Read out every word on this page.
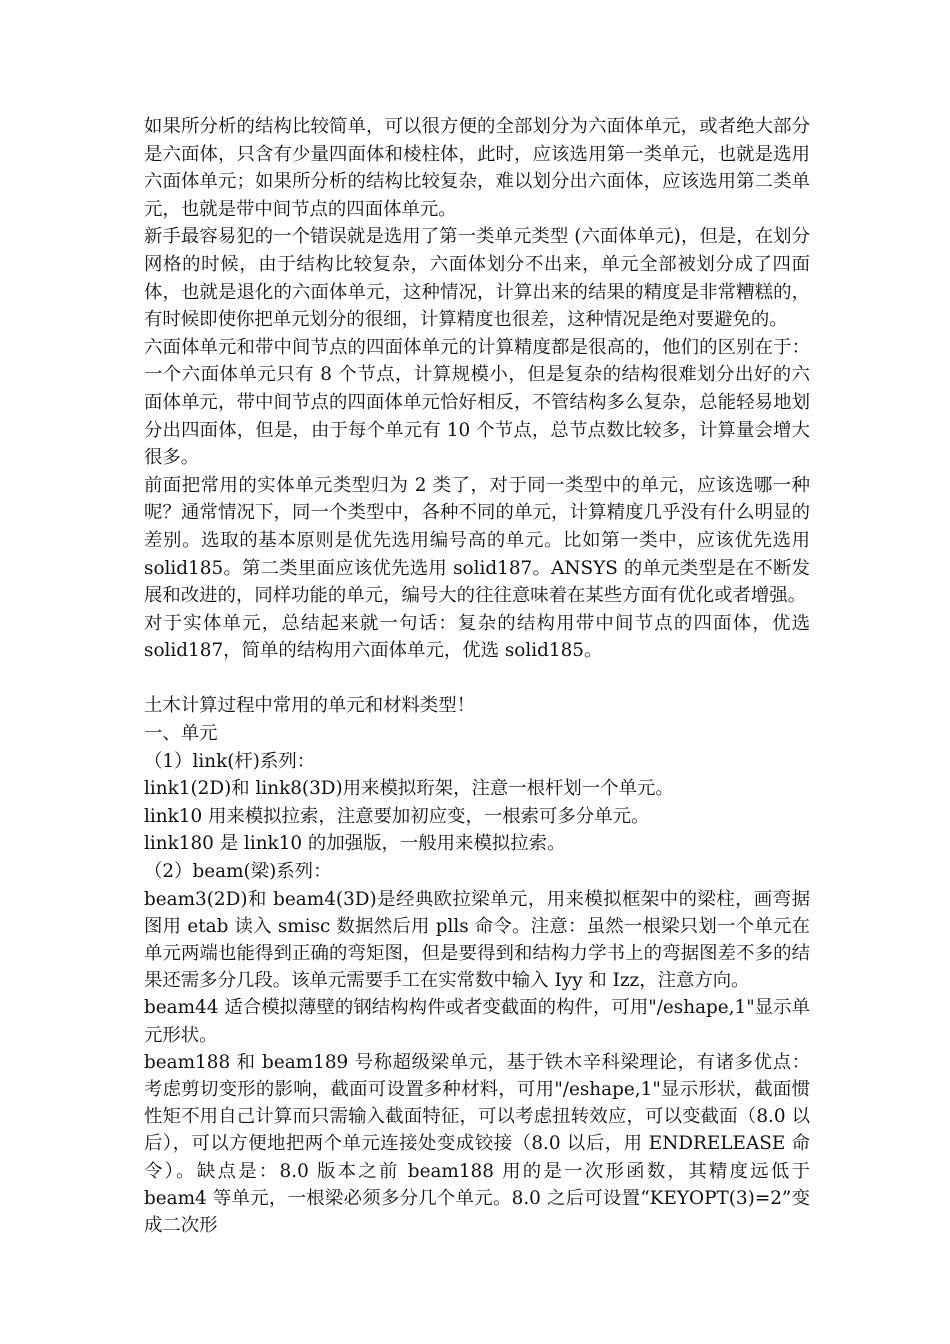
如果所分析的结构比较简单，可以很方便的全部划分为六面体单元，或者绝大部分是六面体，只含有少量四面体和棱柱体，此时，应该选用第一类单元，也就是选用六面体单元；如果所分析的结构比较复杂，难以划分出六面体，应该选用第二类单元，也就是带中间节点的四面体单元。

新手最容易犯的一个错误就是选用了第一类单元类型 (六面体单元)，但是，在划分网格的时候，由于结构比较复杂，六面体划分不出来，单元全部被划分成了四面体，也就是退化的六面体单元，这种情况，计算出来的结果的精度是非常糟糕的，有时候即使你把单元划分的很细，计算精度也很差，这种情况是绝对要避免的。

六面体单元和带中间节点的四面体单元的计算精度都是很高的，他们的区别在于：一个六面体单元只有 8 个节点，计算规模小，但是复杂的结构很难划分出好的六面体单元，带中间节点的四面体单元恰好相反，不管结构多么复杂，总能轻易地划分出四面体，但是，由于每个单元有 10 个节点，总节点数比较多，计算量会增大很多。

前面把常用的实体单元类型归为 2 类了，对于同一类型中的单元，应该选哪一种呢？通常情况下，同一个类型中，各种不同的单元，计算精度几乎没有什么明显的差别。选取的基本原则是优先选用编号高的单元。比如第一类中，应该优先选用 solid185。第二类里面应该优先选用 solid187。ANSYS 的单元类型是在不断发展和改进的，同样功能的单元，编号大的往往意味着在某些方面有优化或者增强。

对于实体单元，总结起来就一句话：复杂的结构用带中间节点的四面体，优选 solid187，简单的结构用六面体单元，优选 solid185。

土木计算过程中常用的单元和材料类型！

一、单元

（1）link(杆)系列：

link1(2D)和 link8(3D)用来模拟珩架，注意一根杆划一个单元。

link10 用来模拟拉索，注意要加初应变，一根索可多分单元。

link180 是 link10 的加强版，一般用来模拟拉索。

（2）beam(梁)系列：

beam3(2D)和 beam4(3D)是经典欧拉梁单元，用来模拟框架中的梁柱，画弯据图用 etab 读入 smisc 数据然后用 plls 命令。注意：虽然一根梁只划一个单元在单元两端也能得到正确的弯矩图，但是要得到和结构力学书上的弯据图差不多的结果还需多分几段。该单元需要手工在实常数中输入 Iyy 和 Izz，注意方向。

beam44 适合模拟薄壁的钢结构构件或者变截面的构件，可用"/eshape,1"显示单元形状。

beam188 和 beam189 号称超级梁单元，基于铁木辛科梁理论，有诸多优点：考虑剪切变形的影响，截面可设置多种材料，可用"/eshape,1"显示形状，截面惯性矩不用自己计算而只需输入截面特征，可以考虑扭转效应，可以变截面（8.0 以后），可以方便地把两个单元连接处变成铰接（8.0 以后，用 ENDRELEASE 命令）。缺点是：8.0 版本之前 beam188 用的是一次形函数，其精度远低于 beam4 等单元，一根梁必须多分几个单元。8.0 之后可设置“KEYOPT(3)=2”变成二次形
